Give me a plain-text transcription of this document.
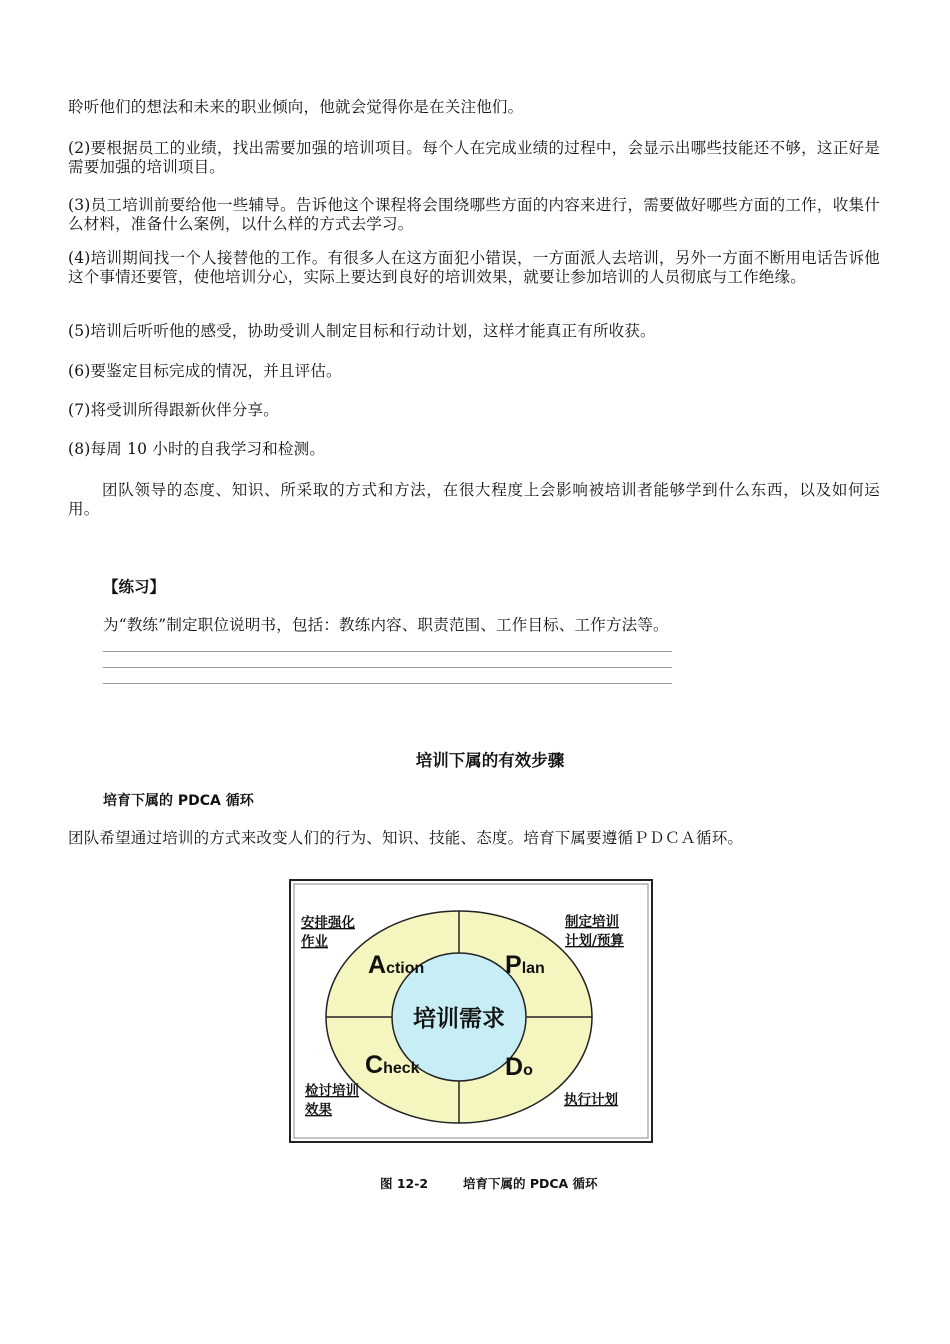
聆听他们的想法和未来的职业倾向，他就会觉得你是在关注他们。

(2)要根据员工的业绩，找出需要加强的培训项目。每个人在完成业绩的过程中，会显示出哪些技能还不够，这正好是需要加强的培训项目。

(3)员工培训前要给他一些辅导。告诉他这个课程将会围绕哪些方面的内容来进行，需要做好哪些方面的工作，收集什么材料，准备什么案例，以什么样的方式去学习。

(4)培训期间找一个人接替他的工作。有很多人在这方面犯小错误，一方面派人去培训，另外一方面不断用电话告诉他这个事情还要管，使他培训分心，实际上要达到良好的培训效果，就要让参加培训的人员彻底与工作绝缘。

(5)培训后听听他的感受，协助受训人制定目标和行动计划，这样才能真正有所收获。

(6)要鉴定目标完成的情况，并且评估。

(7)将受训所得跟新伙伴分享。

(8)每周 10 小时的自我学习和检测。

团队领导的态度、知识、所采取的方式和方法，在很大程度上会影响被培训者能够学到什么东西，以及如何运用。

【练习】

为“教练”制定职位说明书，包括：教练内容、职责范围、工作目标、工作方法等。

培训下属的有效步骤

培育下属的 PDCA 循环

团队希望通过培训的方式来改变人们的行为、知识、技能、态度。培育下属要遵循ＰＤＣＡ循环。

培训需求
Action	Plan
Check	Do
安排强化
作业
制定培训
计划/预算
检讨培训
效果
执行计划

图 12-2	培育下属的 PDCA 循环
